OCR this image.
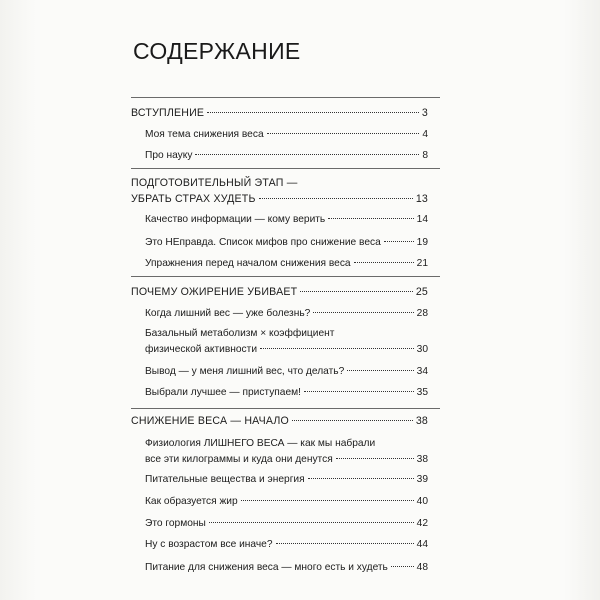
СОДЕРЖАНИЕ
ВСТУПЛЕНИЕ	3
Моя тема снижения веса	4
Про науку	8
ПОДГОТОВИТЕЛЬНЫЙ ЭТАП —
УБРАТЬ СТРАХ ХУДЕТЬ	13
Качество информации — кому верить	14
Это НЕправда. Список мифов про снижение веса	19
Упражнения перед началом снижения веса	21
ПОЧЕМУ ОЖИРЕНИЕ УБИВАЕТ	25
Когда лишний вес — уже болезнь?	28
Базальный метаболизм × коэффициент
физической активности	30
Вывод — у меня лишний вес, что делать?	34
Выбрали лучшее — приступаем!	35
СНИЖЕНИЕ ВЕСА — НАЧАЛО	38
Физиология ЛИШНЕГО ВЕСА — как мы набрали
все эти килограммы и куда они денутся	38
Питательные вещества и энергия	39
Как образуется жир	40
Это гормоны	42
Ну с возрастом все иначе?	44
Питание для снижения веса — много есть и худеть	48
